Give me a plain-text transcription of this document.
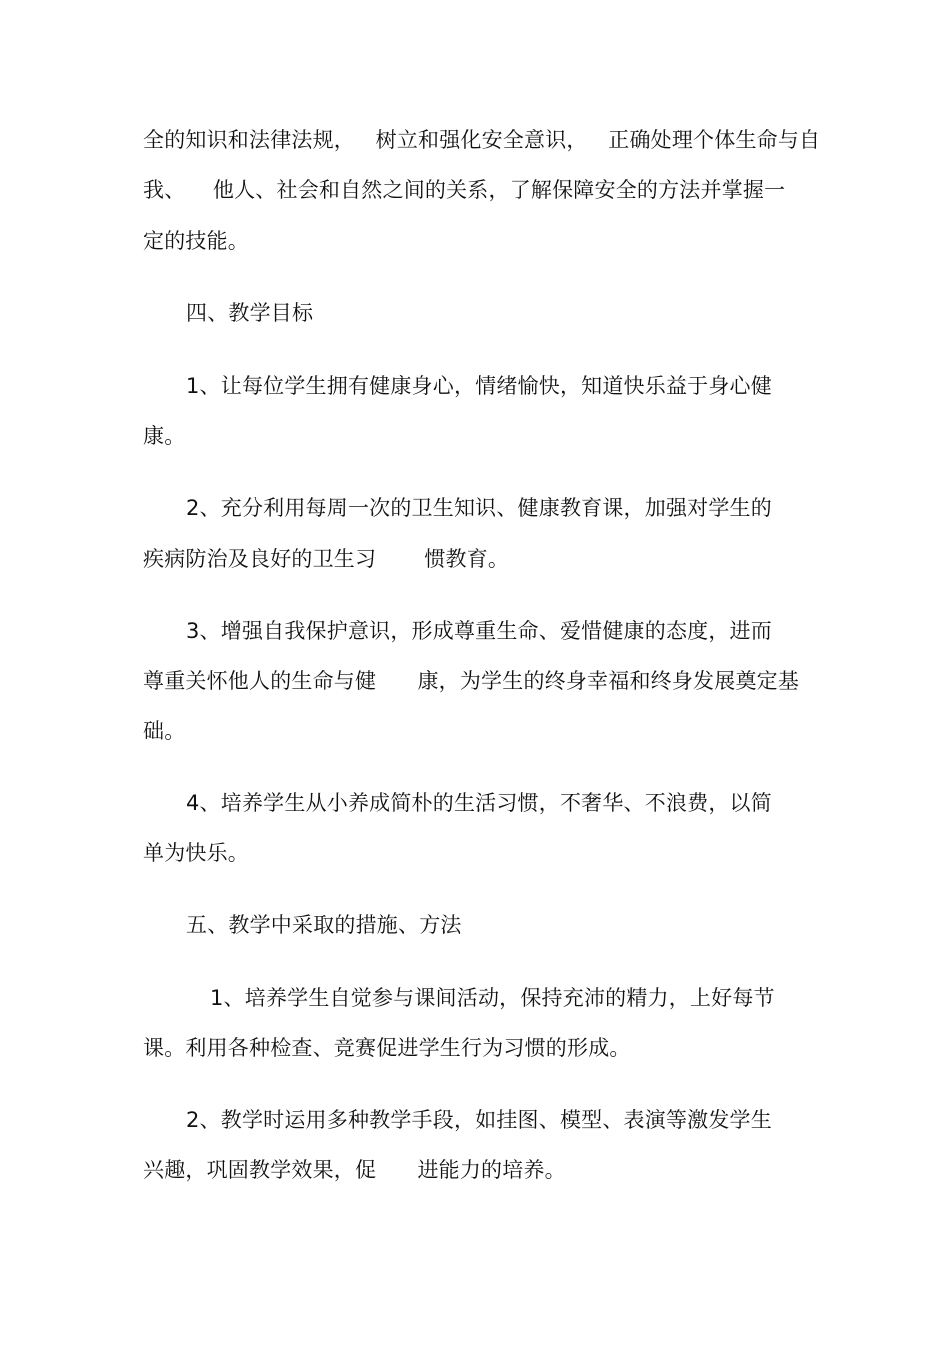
全的知识和法律法规，   树立和强化安全意识，   正确处理个体生命与自
我、    他人、社会和自然之间的关系，了解保障安全的方法并掌握一
定的技能。
四、教学目标
1、让每位学生拥有健康身心，情绪愉快，知道快乐益于身心健
康。
2、充分利用每周一次的卫生知识、健康教育课，加强对学生的
疾病防治及良好的卫生习       惯教育。
3、增强自我保护意识，形成尊重生命、爱惜健康的态度，进而
尊重关怀他人的生命与健      康，为学生的终身幸福和终身发展奠定基
础。
4、培养学生从小养成简朴的生活习惯，不奢华、不浪费，以简
单为快乐。
五、教学中采取的措施、方法
1、培养学生自觉参与课间活动，保持充沛的精力，上好每节
课。利用各种检查、竞赛促进学生行为习惯的形成。
2、教学时运用多种教学手段，如挂图、模型、表演等激发学生
兴趣，巩固教学效果，促      进能力的培养。
